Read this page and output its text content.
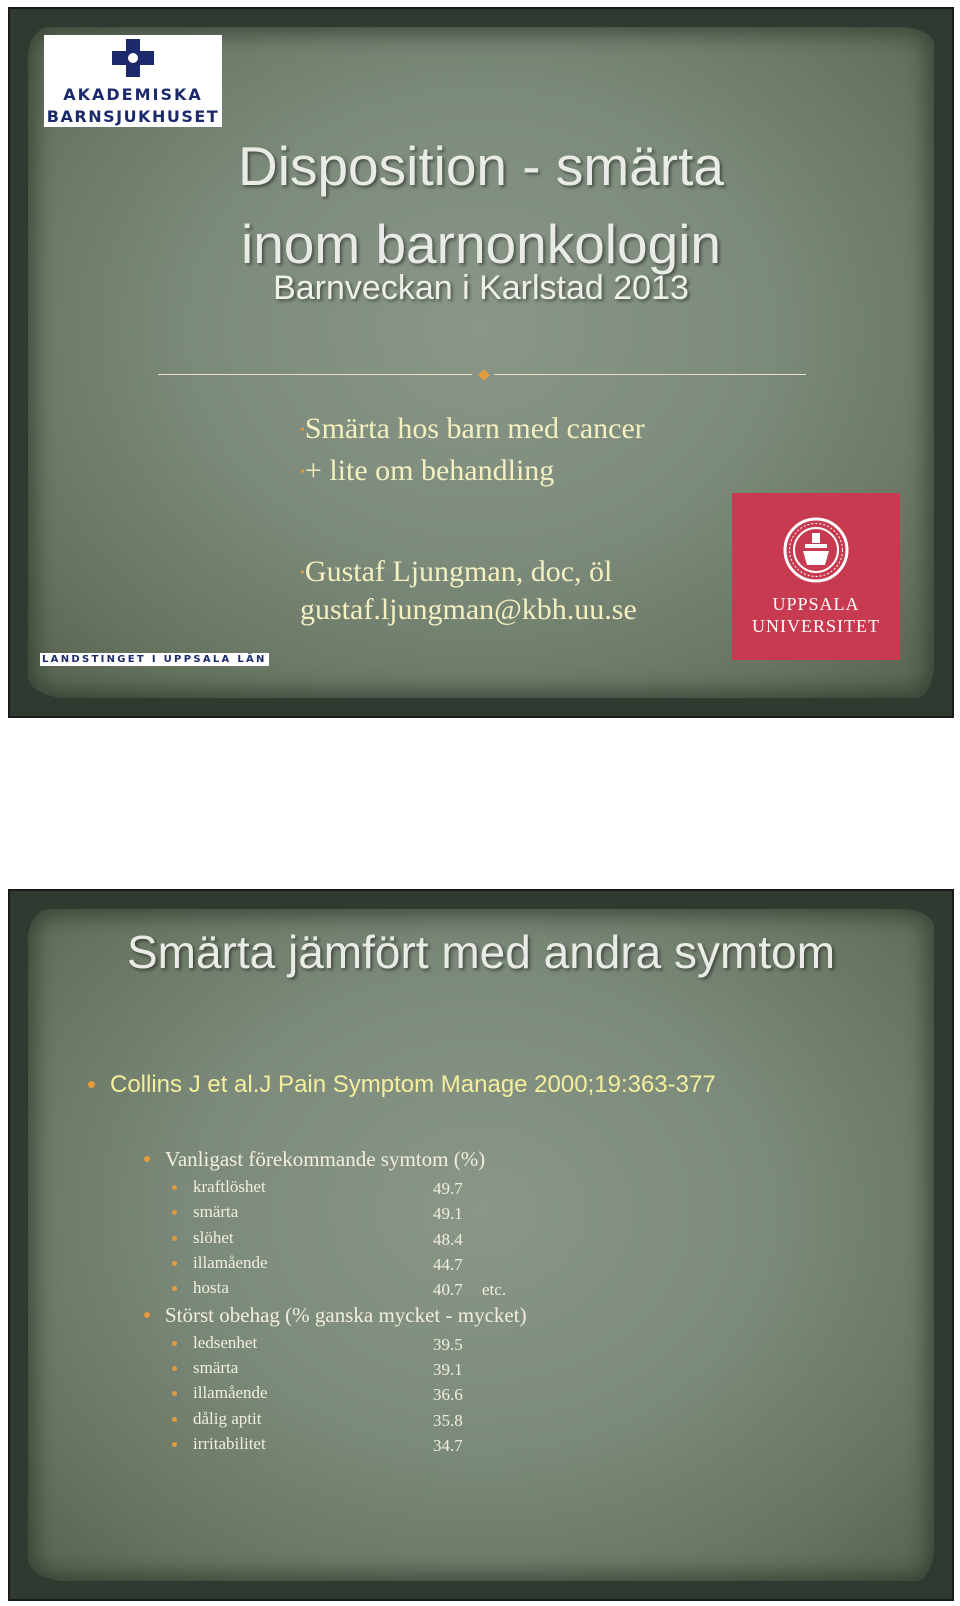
AKADEMISKA
BARNSJUKHUSET
Disposition - smärta
inom barnonkologin
Barnveckan i Karlstad 2013
•Smärta hos barn med cancer
•+ lite om behandling
•Gustaf Ljungman, doc, öl
gustaf.ljungman@kbh.uu.se
LANDSTINGET I UPPSALA LÄN
UPPSALA
UNIVERSITET
Smärta jämfört med andra symtom
Collins J et al.J Pain Symptom Manage 2000;19:363-377
Vanligast förekommande symtom (%)
kraftlöshet	49.7
smärta	49.1
slöhet	48.4
illamående	44.7
hosta	40.7 etc.
Störst obehag (% ganska mycket - mycket)
ledsenhet	39.5
smärta	39.1
illamående	36.6
dålig aptit	35.8
irritabilitet	34.7
